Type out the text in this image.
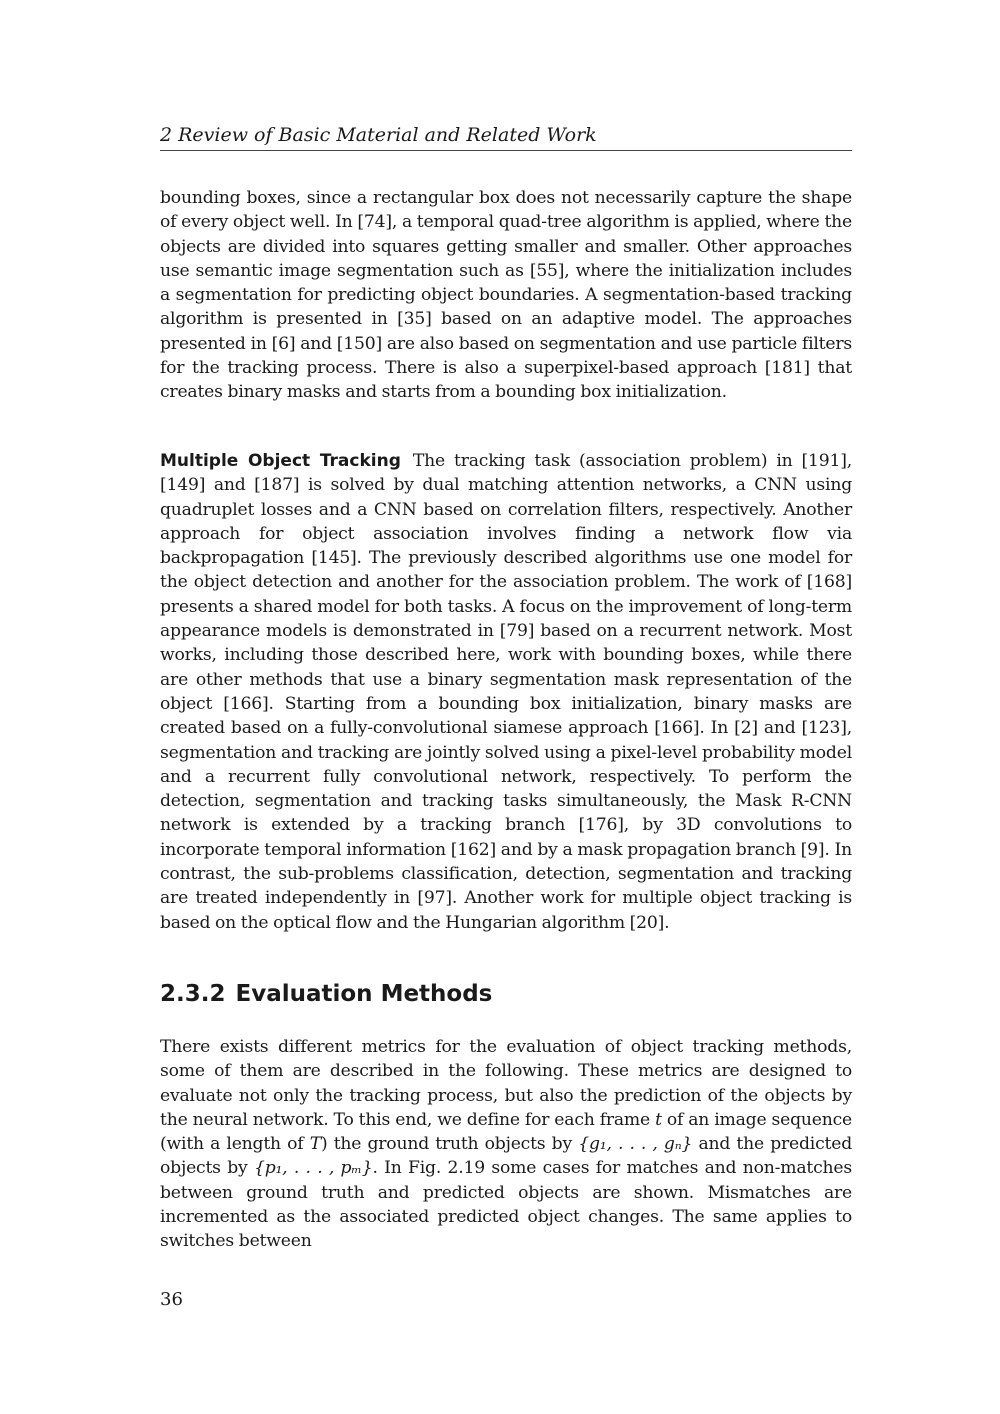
2 Review of Basic Material and Related Work

bounding boxes, since a rectangular box does not necessarily capture the shape of every object well. In [74], a temporal quad-tree algorithm is applied, where the objects are divided into squares getting smaller and smaller. Other approaches use semantic image segmentation such as [55], where the initialization includes a segmentation for predicting object boundaries. A segmentation-based tracking algorithm is presented in [35] based on an adaptive model. The approaches presented in [6] and [150] are also based on segmentation and use particle filters for the tracking process. There is also a superpixel-based approach [181] that creates binary masks and starts from a bounding box initialization.

Multiple Object Tracking The tracking task (association problem) in [191], [149] and [187] is solved by dual matching attention networks, a CNN using quadruplet losses and a CNN based on correlation filters, respectively. Another approach for object association involves finding a network flow via backpropagation [145]. The previously described algorithms use one model for the object detection and another for the association problem. The work of [168] presents a shared model for both tasks. A focus on the improvement of long-term appearance models is demonstrated in [79] based on a recurrent network. Most works, including those described here, work with bounding boxes, while there are other methods that use a binary segmentation mask representation of the object [166]. Starting from a bounding box initialization, binary masks are created based on a fully-convolutional siamese approach [166]. In [2] and [123], segmentation and tracking are jointly solved using a pixel-level probability model and a recurrent fully convolutional network, respectively. To perform the detection, segmentation and tracking tasks simultaneously, the Mask R-CNN network is extended by a tracking branch [176], by 3D convolutions to incorporate temporal information [162] and by a mask propagation branch [9]. In contrast, the sub-problems classification, detection, segmentation and tracking are treated independently in [97]. Another work for multiple object tracking is based on the optical flow and the Hungarian algorithm [20].

2.3.2 Evaluation Methods

There exists different metrics for the evaluation of object tracking methods, some of them are described in the following. These metrics are designed to evaluate not only the tracking process, but also the prediction of the objects by the neural network. To this end, we define for each frame t of an image sequence (with a length of T) the ground truth objects by {g₁, . . . , gₙ} and the predicted objects by {p₁, . . . , pₘ}. In Fig. 2.19 some cases for matches and non-matches between ground truth and predicted objects are shown. Mismatches are incremented as the associated predicted object changes. The same applies to switches between

36
